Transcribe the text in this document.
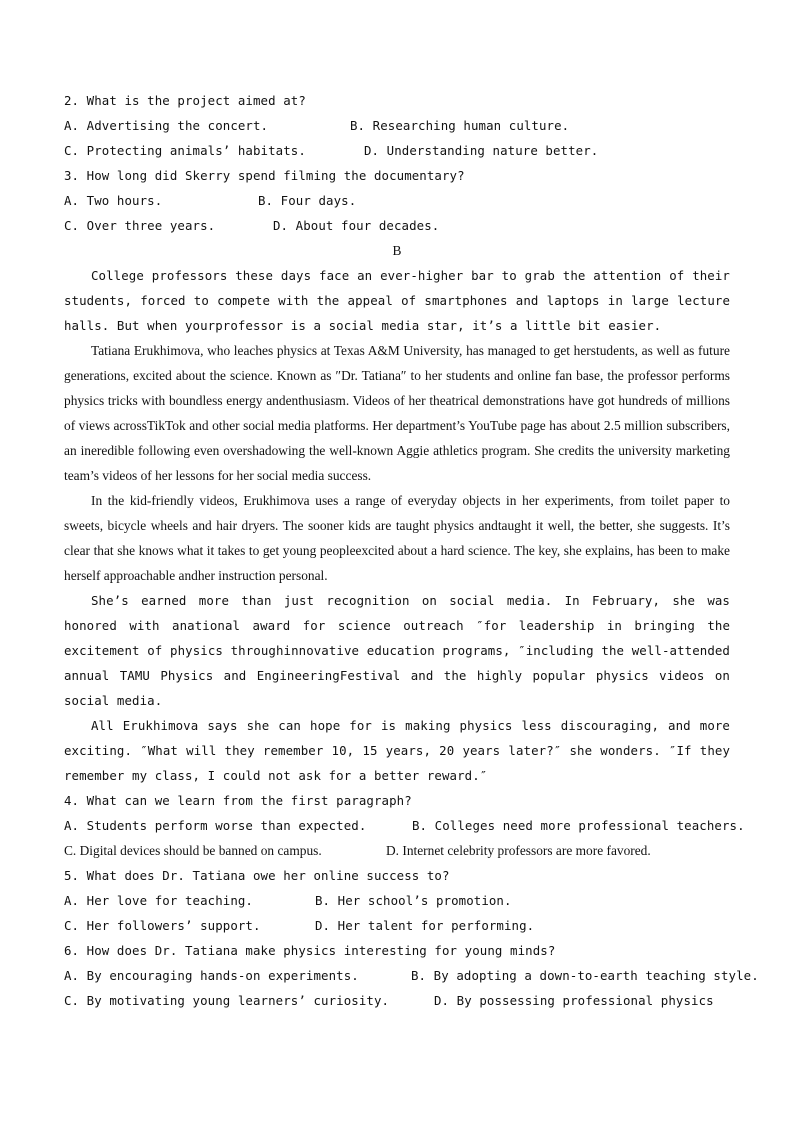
2. What is the project aimed at?
A. Advertising the concert.	B. Researching human culture.
C. Protecting animals’ habitats.	D. Understanding nature better.
3. How long did Skerry spend filming the documentary?
A. Two hours.	B. Four days.
C. Over three years.	D. About four decades.
B

College professors these days face an ever-higher bar to grab the attention of their students, forced to compete with the appeal of smartphones and laptops in large lecture halls. But when yourprofessor is a social media star, it’s a little bit easier.

Tatiana Erukhimova, who leaches physics at Texas A&M University, has managed to get herstudents, as well as future generations, excited about the science. Known as ″Dr. Tatiana″ to her students and online fan base, the professor performs physics tricks with boundless energy andenthusiasm. Videos of her theatrical demonstrations have got hundreds of millions of views acrossTikTok and other social media platforms. Her department’s YouTube page has about 2.5 million subscribers, an ineredible following even overshadowing the well-known Aggie athletics program. She credits the university marketing team’s videos of her lessons for her social media success.

In the kid-friendly videos, Erukhimova uses a range of everyday objects in her experiments, from toilet paper to sweets, bicycle wheels and hair dryers. The sooner kids are taught physics andtaught it well, the better, she suggests. It’s clear that she knows what it takes to get young peopleexcited about a hard science. The key, she explains, has been to make herself approachable andher instruction personal.

She’s earned more than just recognition on social media. In February, she was honored with anational award for science outreach ″for leadership in bringing the excitement of physics throughinnovative education programs, ″including the well-attended annual TAMU Physics and EngineeringFestival and the highly popular physics videos on social media.

All Erukhimova says she can hope for is making physics less discouraging, and more exciting. ″What will they remember 10, 15 years, 20 years later?″ she wonders. ″If they remember my class, I could not ask for a better reward.″

4. What can we learn from the first paragraph?
A. Students perform worse than expected.	B. Colleges need more professional teachers.
C. Digital devices should be banned on campus.	D. Internet celebrity professors are more favored.
5. What does Dr. Tatiana owe her online success to?
A. Her love for teaching.	B. Her school’s promotion.
C. Her followers’ support.	D. Her talent for performing.
6. How does Dr. Tatiana make physics interesting for young minds?
A. By encouraging hands-on experiments.	B. By adopting a down-to-earth teaching style.
C. By motivating young learners’ curiosity.	D. By possessing professional physics
